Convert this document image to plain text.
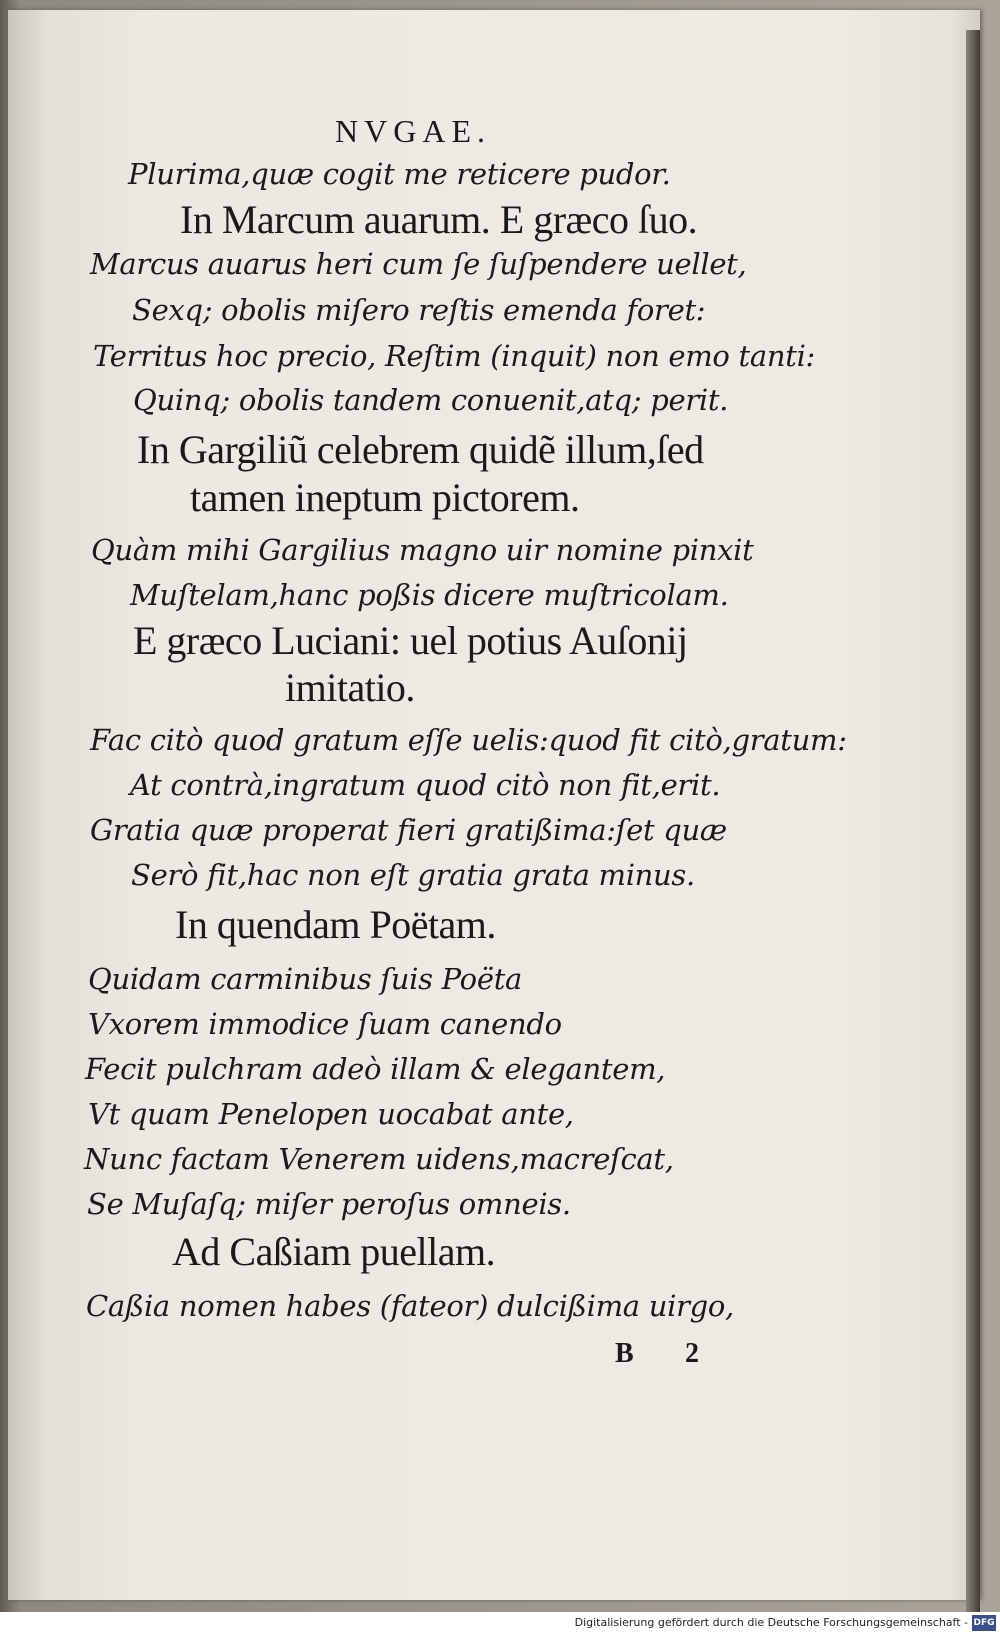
NVGAE.
Plurima,quæ cogit me reticere pudor.
In Marcum auarum. E græco ſuo.
Marcus auarus heri cum ſe ſuſpendere uellet,
Sexq; obolis miſero reſtis emenda foret:
Territus hoc precio, Reſtim (inquit) non emo tanti:
Quinq; obolis tandem conuenit,atq; perit.
In Gargiliũ celebrem quidẽ illum,ſed
tamen ineptum pictorem.
Quàm mihi Gargilius magno uir nomine pinxit
Muſtelam,hanc poßis dicere muſtricolam.
E græco Luciani: uel potius Auſonij
imitatio.
Fac citò quod gratum eſſe uelis:quod fit citò,gratum:
At contrà,ingratum quod citò non fit,erit.
Gratia quæ properat fieri gratißima:ſet quæ
Serò fit,hac non eſt gratia grata minus.
In quendam Poëtam.
Quidam carminibus ſuis Poëta
Vxorem immodice ſuam canendo
Fecit pulchram adeò illam & elegantem,
Vt quam Penelopen uocabat ante,
Nunc factam Venerem uidens,macreſcat,
Se Muſaſq; miſer peroſus omneis.
Ad Caßiam puellam.
Caßia nomen habes (fateor) dulcißima uirgo,
B 2
Digitalisierung gefördert durch die Deutsche Forschungsgemeinschaft - DFG
